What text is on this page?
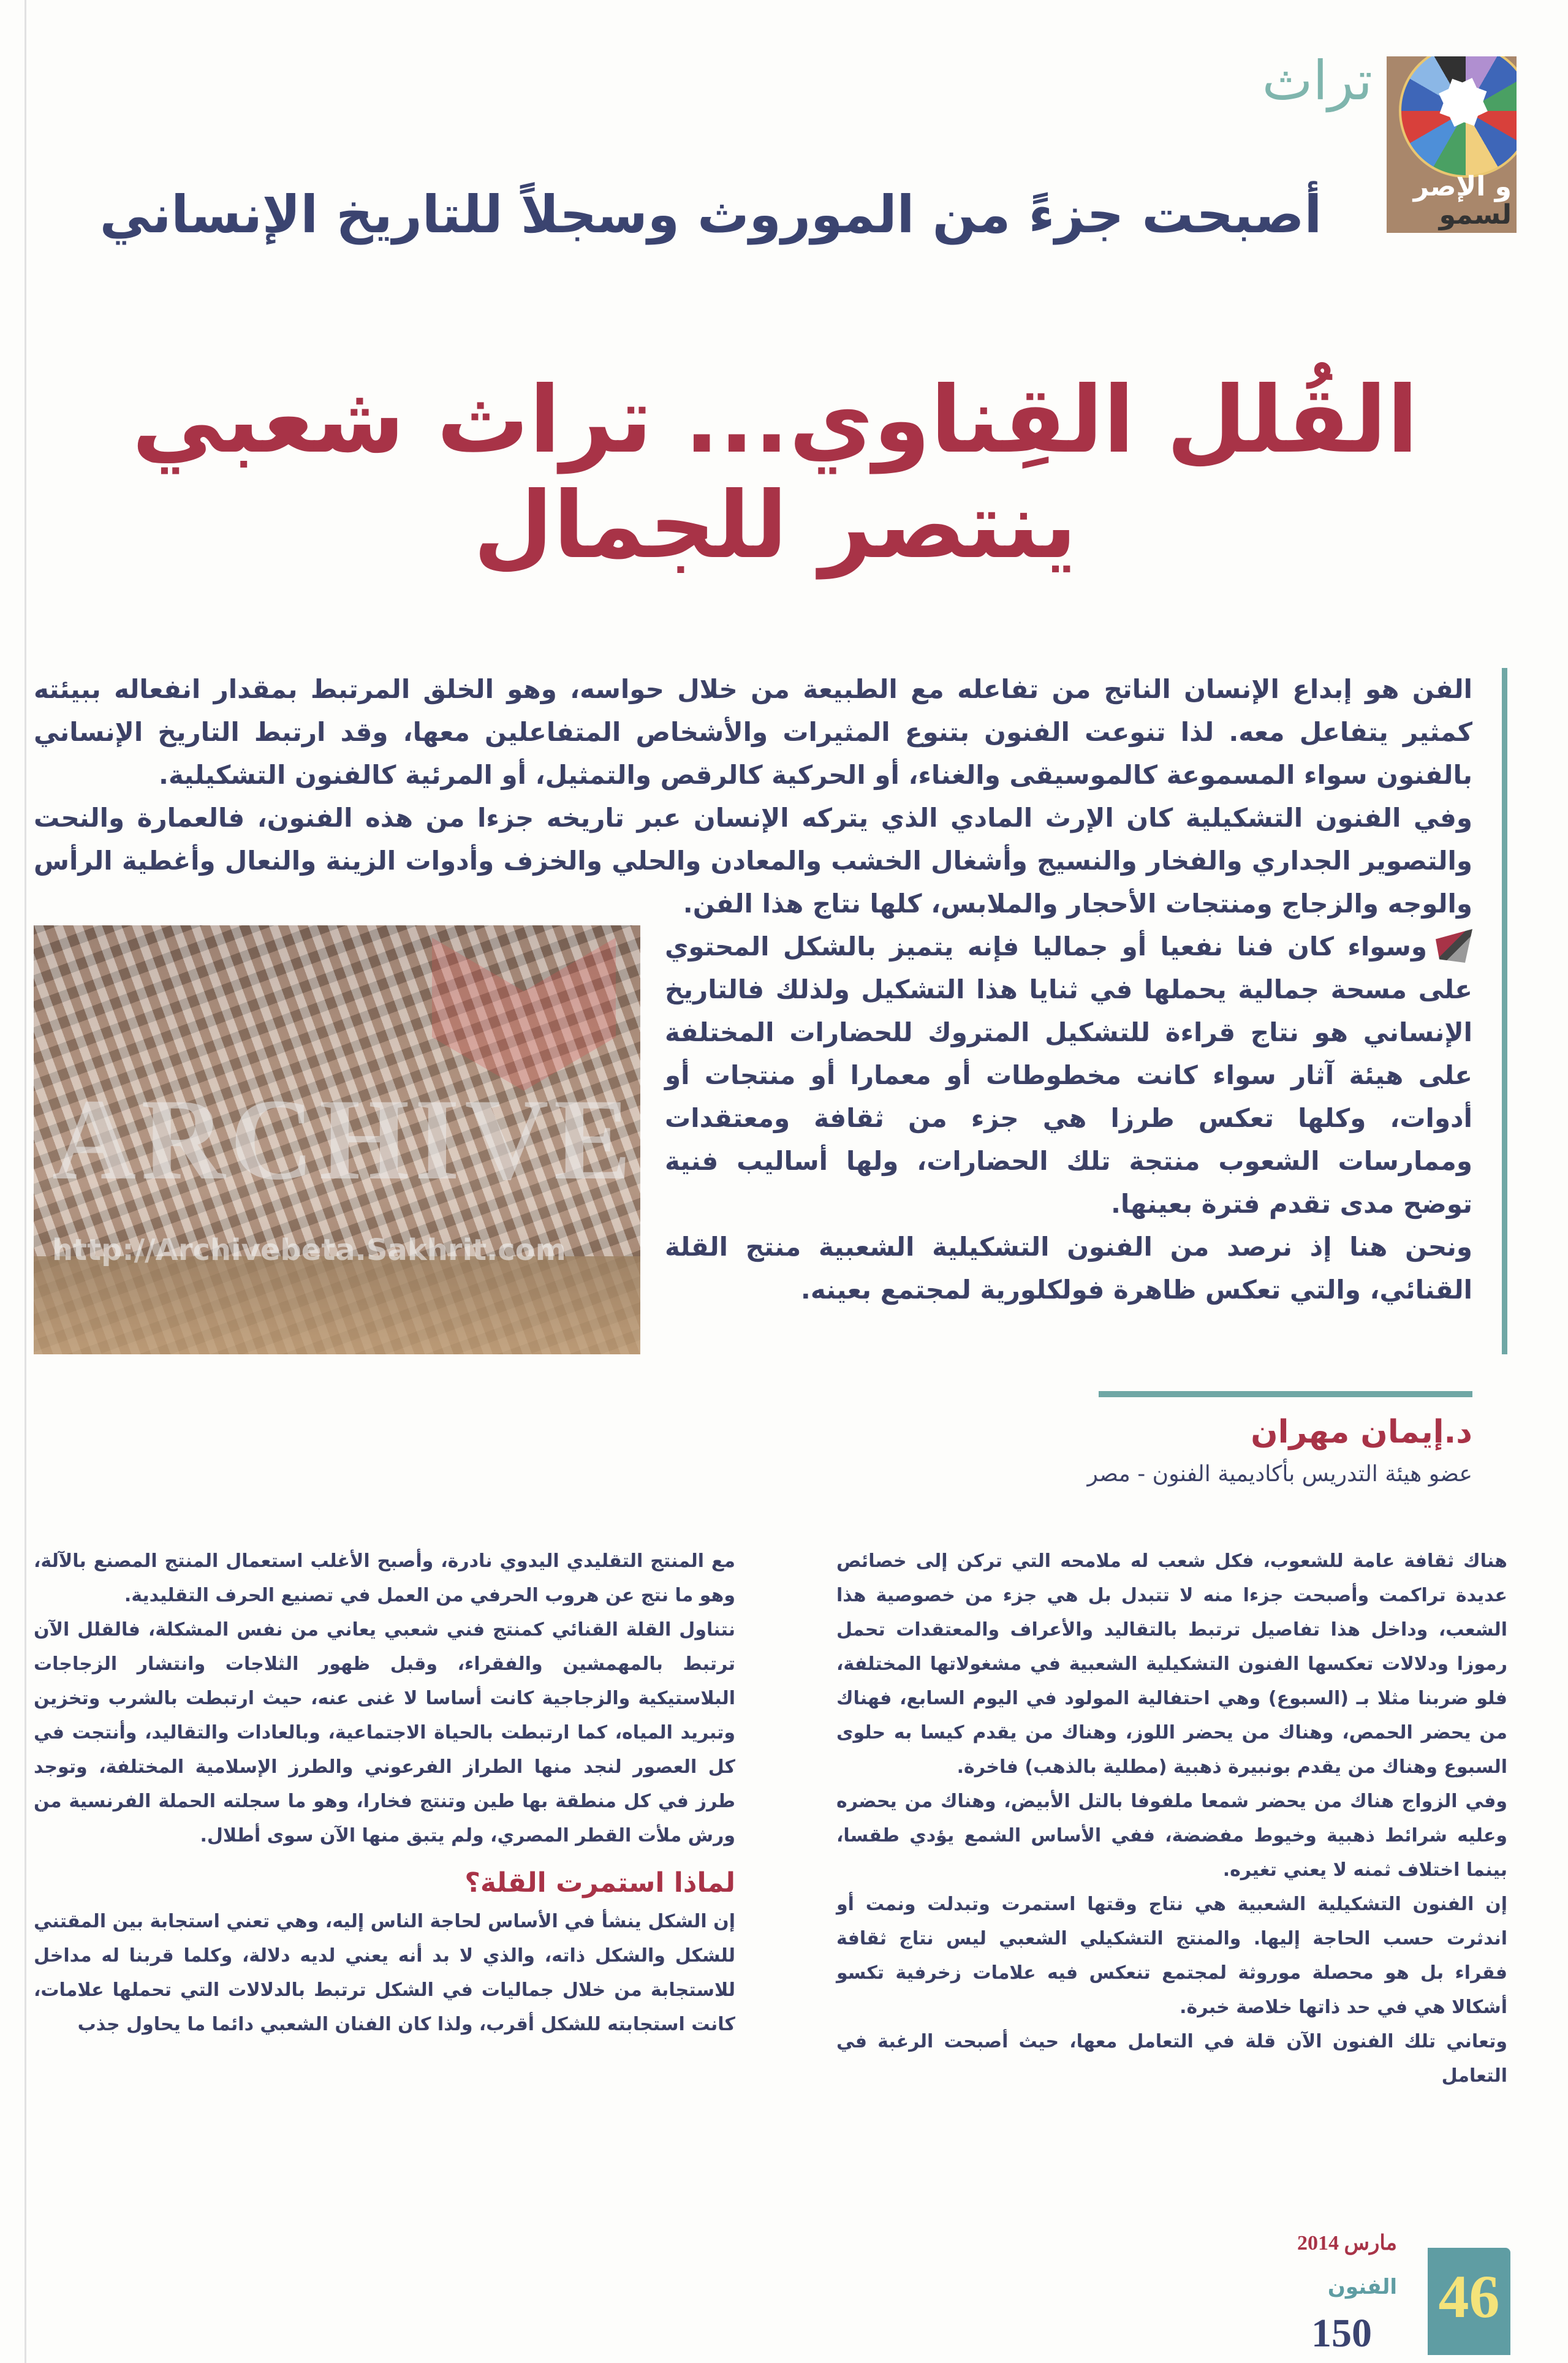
و الإصر
لسمو
تراث
أصبحت جزءً من الموروث وسجلاً للتاريخ الإنساني
القُلل القِناوي... تراث شعبي ينتصر للجمال
ARCHIVE
http://Archivebeta.Sakhrit.com

الفن هو إبداع الإنسان الناتج من تفاعله مع الطبيعة من خلال حواسه، وهو الخلق المرتبط بمقدار انفعاله ببيئته كمثير يتفاعل معه. لذا تنوعت الفنون بتنوع المثيرات والأشخاص المتفاعلين معها، وقد ارتبط التاريخ الإنساني بالفنون سواء المسموعة كالموسيقى والغناء، أو الحركية كالرقص والتمثيل، أو المرئية كالفنون التشكيلية.

وفي الفنون التشكيلية كان الإرث المادي الذي يتركه الإنسان عبر تاريخه جزءا من هذه الفنون، فالعمارة والنحت والتصوير الجداري والفخار والنسيج وأشغال الخشب والمعادن والحلي والخزف وأدوات الزينة والنعال وأغطية الرأس والوجه والزجاج ومنتجات الأحجار والملابس، كلها نتاج هذا الفن.

وسواء كان فنا نفعيا أو جماليا فإنه يتميز بالشكل المحتوي على مسحة جمالية يحملها في ثنايا هذا التشكيل ولذلك فالتاريخ الإنساني هو نتاج قراءة للتشكيل المتروك للحضارات المختلفة على هيئة آثار سواء كانت مخطوطات أو معمارا أو منتجات أو أدوات، وكلها تعكس طرزا هي جزء من ثقافة ومعتقدات وممارسات الشعوب منتجة تلك الحضارات، ولها أساليب فنية توضح مدى تقدم فترة بعينها.

ونحن هنا إذ نرصد من الفنون التشكيلية الشعبية منتج القلة القنائي، والتي تعكس ظاهرة فولكلورية لمجتمع بعينه.

د.إيمان مهران
عضو هيئة التدريس بأكاديمية الفنون - مصر

هناك ثقافة عامة للشعوب، فكل شعب له ملامحه التي تركن إلى خصائص عديدة تراكمت وأصبحت جزءا منه لا تتبدل بل هي جزء من خصوصية هذا الشعب، وداخل هذا تفاصيل ترتبط بالتقاليد والأعراف والمعتقدات تحمل رموزا ودلالات تعكسها الفنون التشكيلية الشعبية في مشغولاتها المختلفة، فلو ضربنا مثلا بـ (السبوع) وهي احتفالية المولود في اليوم السابع، فهناك من يحضر الحمص، وهناك من يحضر اللوز، وهناك من يقدم كيسا به حلوى السبوع وهناك من يقدم بونبيرة ذهبية (مطلية بالذهب) فاخرة.

وفي الزواج هناك من يحضر شمعا ملفوفا بالتل الأبيض، وهناك من يحضره وعليه شرائط ذهبية وخيوط مفضضة، ففي الأساس الشمع يؤدي طقسا، بينما اختلاف ثمنه لا يعني تغيره.

إن الفنون التشكيلية الشعبية هي نتاج وقتها استمرت وتبدلت ونمت أو اندثرت حسب الحاجة إليها. والمنتج التشكيلي الشعبي ليس نتاج ثقافة فقراء بل هو محصلة موروثة لمجتمع تنعكس فيه علامات زخرفية تكسو أشكالا هي في حد ذاتها خلاصة خبرة.

وتعاني تلك الفنون الآن قلة في التعامل معها، حيث أصبحت الرغبة في التعامل

مع المنتج التقليدي اليدوي نادرة، وأصبح الأغلب استعمال المنتج المصنع بالآلة، وهو ما نتج عن هروب الحرفي من العمل في تصنيع الحرف التقليدية.

نتناول القلة القنائي كمنتج فني شعبي يعاني من نفس المشكلة، فالقلل الآن ترتبط بالمهمشين والفقراء، وقبل ظهور الثلاجات وانتشار الزجاجات البلاستيكية والزجاجية كانت أساسا لا غنى عنه، حيث ارتبطت بالشرب وتخزين وتبريد المياه، كما ارتبطت بالحياة الاجتماعية، وبالعادات والتقاليد، وأنتجت في كل العصور لنجد منها الطراز الفرعوني والطرز الإسلامية المختلفة، وتوجد طرز في كل منطقة بها طين وتنتج فخارا، وهو ما سجلته الحملة الفرنسية من ورش ملأت القطر المصري، ولم يتبق منها الآن سوى أطلال.

لماذا استمرت القلة؟

إن الشكل ينشأ في الأساس لحاجة الناس إليه، وهي تعني استجابة بين المقتني للشكل والشكل ذاته، والذي لا بد أنه يعني لديه دلالة، وكلما قربنا له مداخل للاستجابة من خلال جماليات في الشكل ترتبط بالدلالات التي تحملها علامات، كانت استجابته للشكل أقرب، ولذا كان الفنان الشعبي دائما ما يحاول جذب

46
مارس 2014
الفنون
150
